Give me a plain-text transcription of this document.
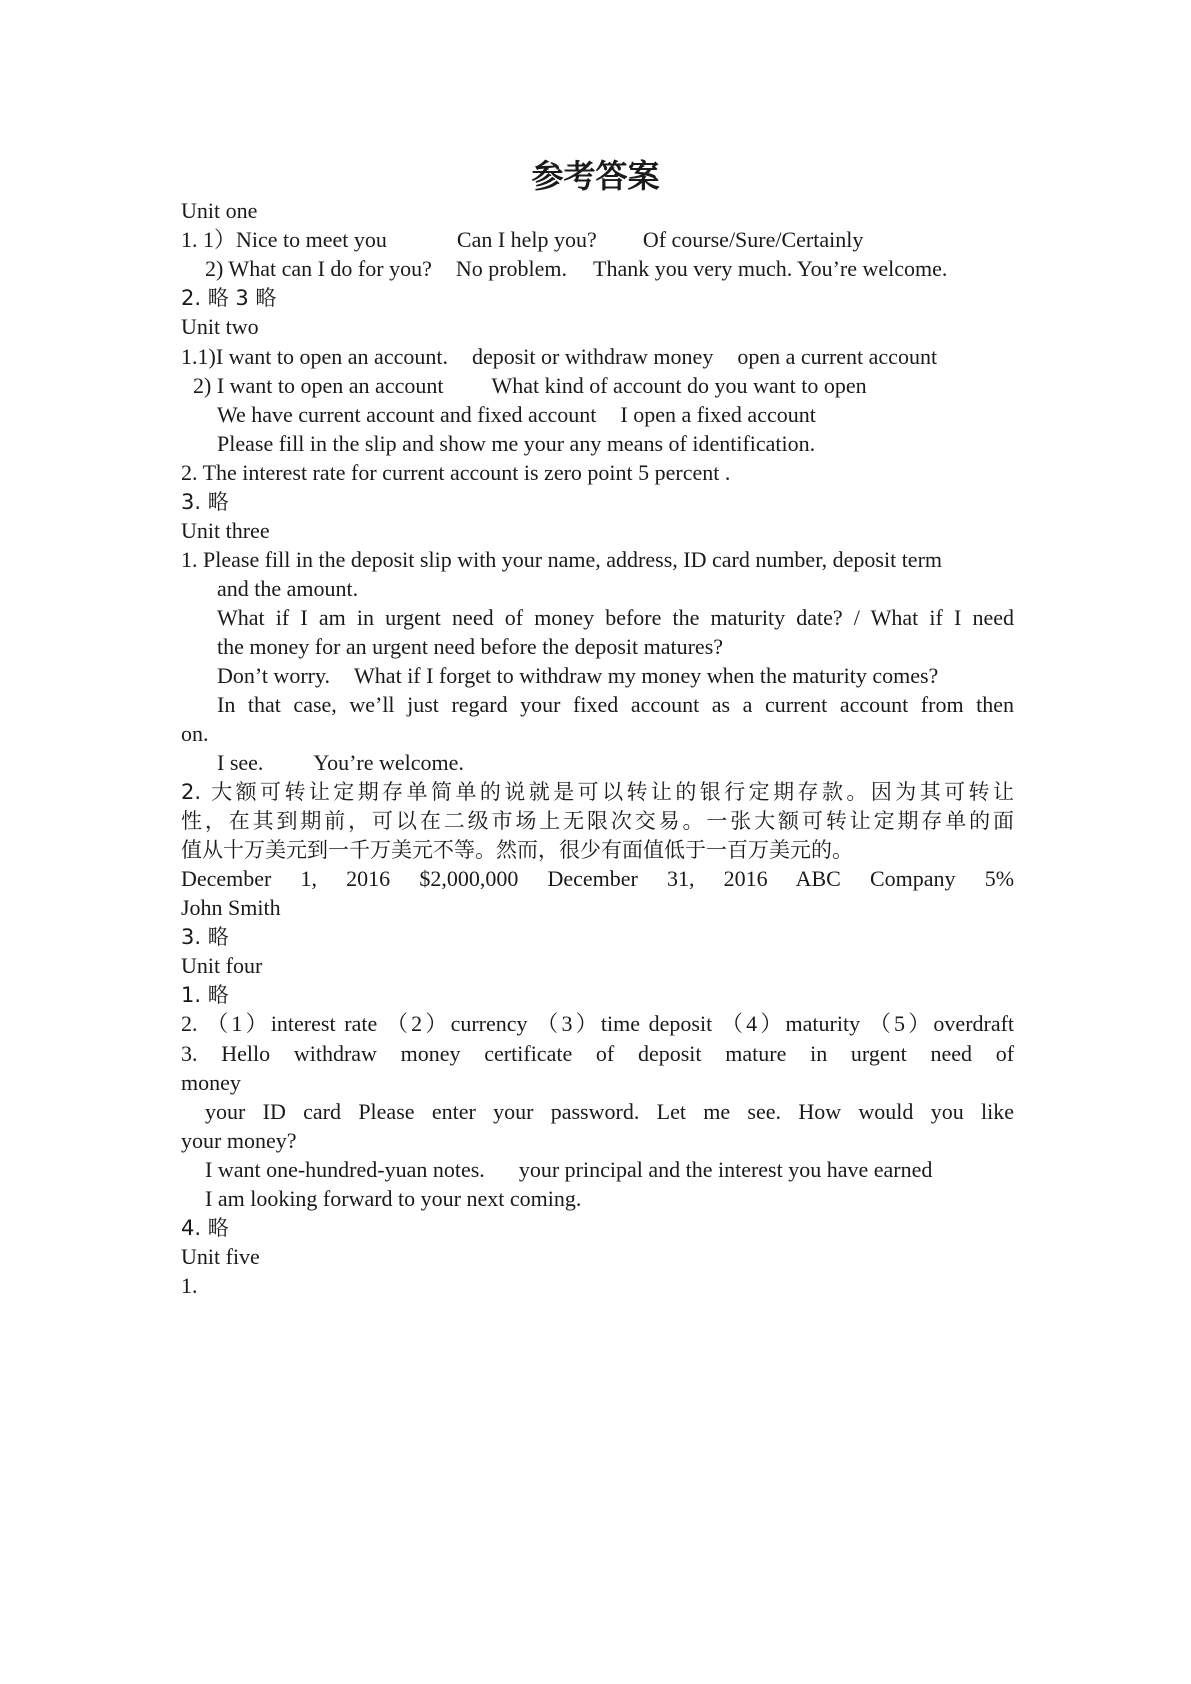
参考答案
Unit one
1. 1）Nice to meet you	Can I help you? Of course/Sure/Certainly
2) What can I do for you? No problem. Thank you very much. You’re welcome.
2. 略 3 略
Unit two
1.1)I want to open an account. deposit or withdraw money open a current account
2) I want to open an account What kind of account do you want to open
We have current account and fixed account I open a fixed account
Please fill in the slip and show me your any means of identification.
2. The interest rate for current account is zero point 5 percent .
3. 略
Unit three
1. Please fill in the deposit slip with your name, address, ID card number, deposit term
and the amount.
What if I am in urgent need of money before the maturity date? / What if I need
the money for an urgent need before the deposit matures?
Don’t worry. What if I forget to withdraw my money when the maturity comes?
In that case, we’ll just regard your fixed account as a current account from then
on.
I see. You’re welcome.
2. 大额可转让定期存单简单的说就是可以转让的银行定期存款。因为其可转让
性，在其到期前，可以在二级市场上无限次交易。一张大额可转让定期存单的面
值从十万美元到一千万美元不等。然而，很少有面值低于一百万美元的。
December 1, 2016 $2,000,000 December 31, 2016 ABC Company 5%
John Smith
3. 略
Unit four
1. 略
2. （1）interest rate （2）currency （3）time deposit （4）maturity （5）overdraft
3. Hello withdraw money certificate of deposit mature in urgent need of
money
your ID card Please enter your password. Let me see. How would you like
your money?
I want one-hundred-yuan notes. your principal and the interest you have earned
I am looking forward to your next coming.
4. 略
Unit five
1.
